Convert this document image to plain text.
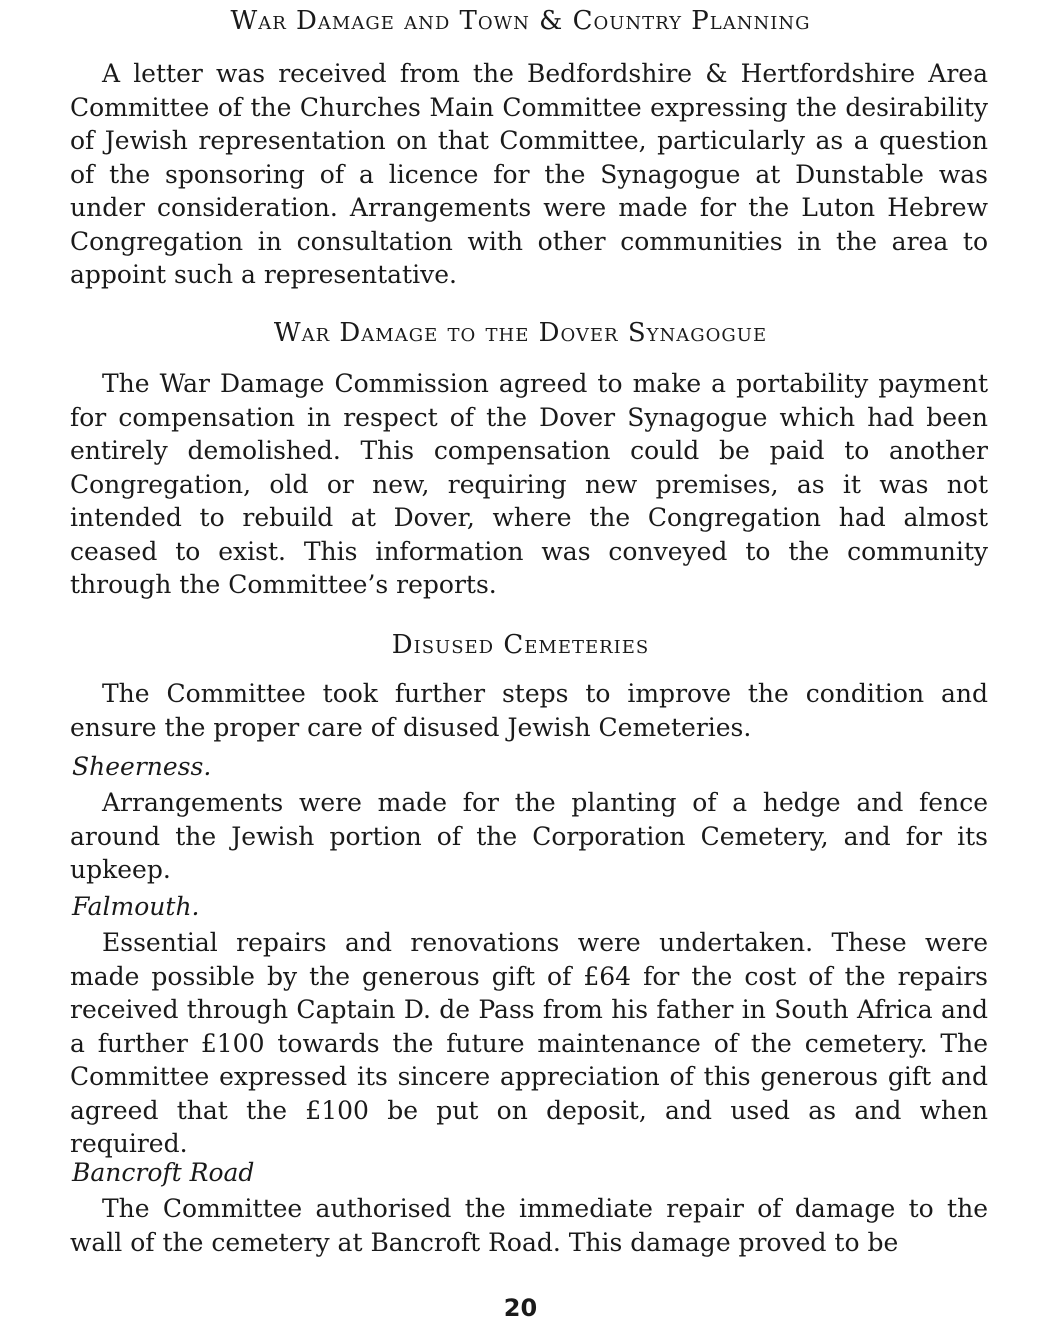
War Damage and Town & Country Planning

A letter was received from the Bedfordshire & Hertfordshire Area Committee of the Churches Main Committee expressing the desirability of Jewish representation on that Committee, particularly as a question of the sponsoring of a licence for the Synagogue at Dunstable was under consideration. Arrangements were made for the Luton Hebrew Congregation in consultation with other communities in the area to appoint such a representative.

War Damage to the Dover Synagogue

The War Damage Commission agreed to make a portability payment for compensation in respect of the Dover Synagogue which had been entirely demolished. This compensation could be paid to another Congregation, old or new, requiring new premises, as it was not intended to rebuild at Dover, where the Congregation had almost ceased to exist. This information was conveyed to the community through the Committee’s reports.

Disused Cemeteries

The Committee took further steps to improve the condition and ensure the proper care of disused Jewish Cemeteries.

Sheerness.

Arrangements were made for the planting of a hedge and fence around the Jewish portion of the Corporation Cemetery, and for its upkeep.

Falmouth.

Essential repairs and renovations were undertaken. These were made possible by the generous gift of £64 for the cost of the repairs received through Captain D. de Pass from his father in South Africa and a further £100 towards the future maintenance of the cemetery. The Committee expressed its sincere appreciation of this generous gift and agreed that the £100 be put on deposit, and used as and when required.

Bancroft Road

The Committee authorised the immediate repair of damage to the wall of the cemetery at Bancroft Road. This damage proved to be

20
